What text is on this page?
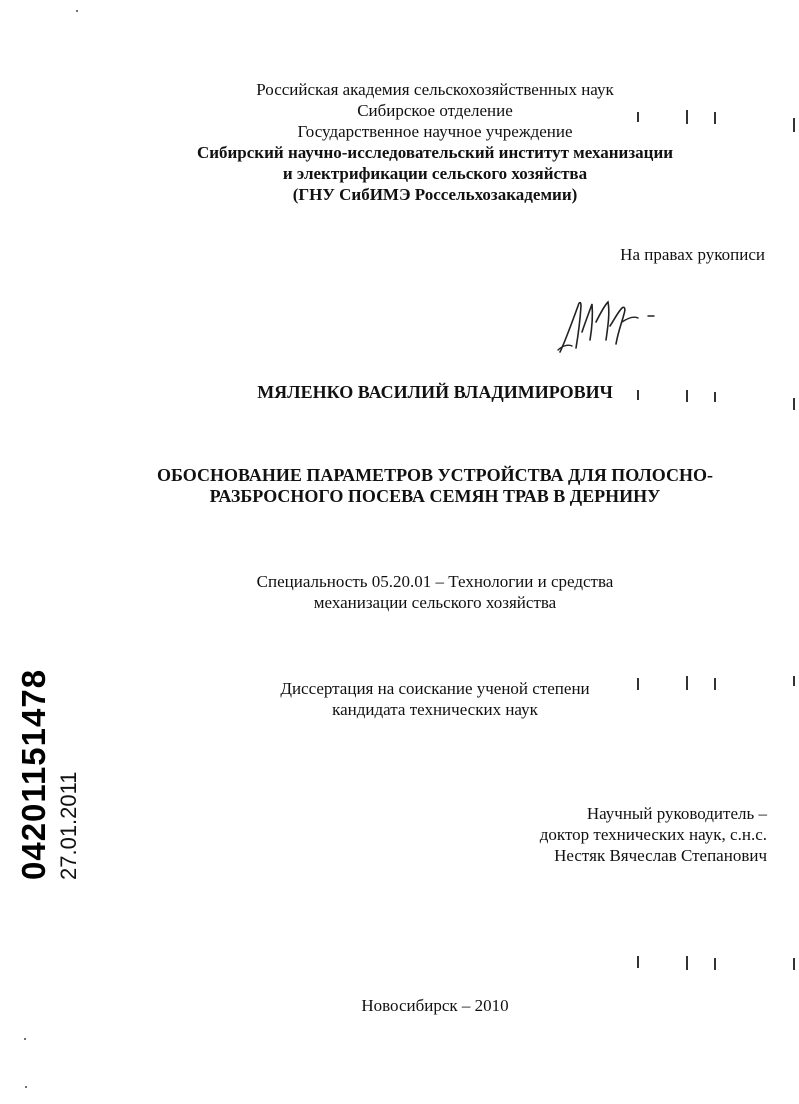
Российская академия сельскохозяйственных наук
Сибирское отделение
Государственное научное учреждение
Сибирский научно-исследовательский институт механизации
и электрификации сельского хозяйства
(ГНУ СибИМЭ Россельхозакадемии)
На правах рукописи
МЯЛЕНКО ВАСИЛИЙ ВЛАДИМИРОВИЧ
ОБОСНОВАНИЕ ПАРАМЕТРОВ УСТРОЙСТВА ДЛЯ ПОЛОСНО-
РАЗБРОСНОГО ПОСЕВА СЕМЯН ТРАВ В ДЕРНИНУ
Специальность 05.20.01 – Технологии и средства
механизации сельского хозяйства
Диссертация на соискание ученой степени
кандидата технических наук
Научный руководитель –
доктор технических наук, с.н.с.
Нестяк Вячеслав Степанович
Новосибирск – 2010
04201151478 27.01.2011
